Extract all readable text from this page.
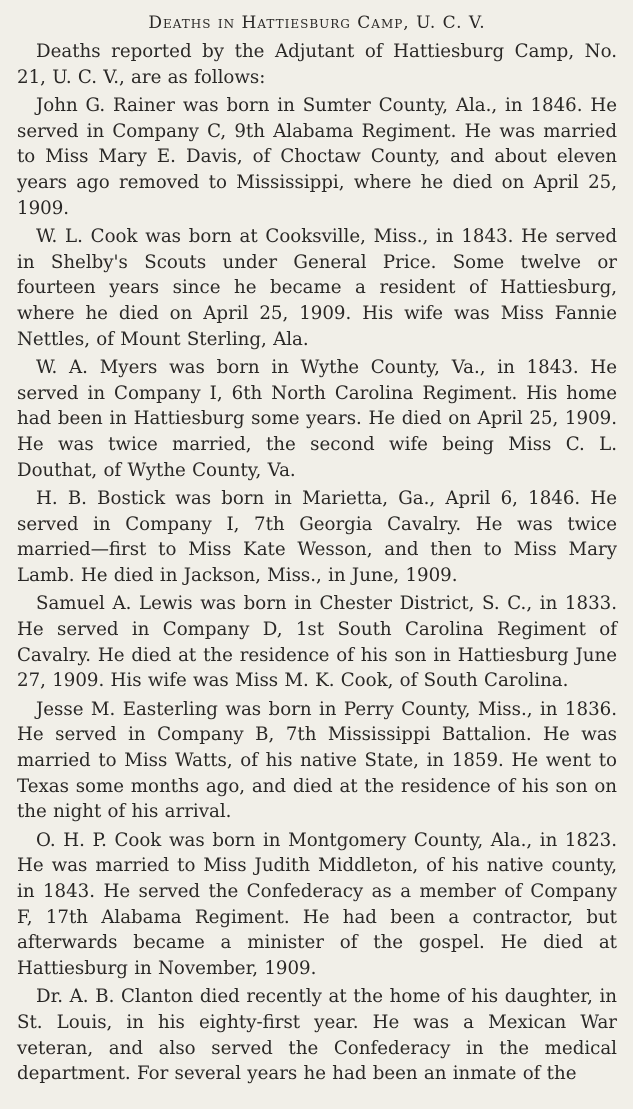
Deaths in Hattiesburg Camp, U. C. V.

Deaths reported by the Adjutant of Hattiesburg Camp, No. 21, U. C. V., are as follows:

John G. Rainer was born in Sumter County, Ala., in 1846. He served in Company C, 9th Alabama Regiment. He was married to Miss Mary E. Davis, of Choctaw County, and about eleven years ago removed to Mississippi, where he died on April 25, 1909.

W. L. Cook was born at Cooksville, Miss., in 1843. He served in Shelby's Scouts under General Price. Some twelve or fourteen years since he became a resident of Hattiesburg, where he died on April 25, 1909. His wife was Miss Fannie Nettles, of Mount Sterling, Ala.

W. A. Myers was born in Wythe County, Va., in 1843. He served in Company I, 6th North Carolina Regiment. His home had been in Hattiesburg some years. He died on April 25, 1909. He was twice married, the second wife being Miss C. L. Douthat, of Wythe County, Va.

H. B. Bostick was born in Marietta, Ga., April 6, 1846. He served in Company I, 7th Georgia Cavalry. He was twice married—first to Miss Kate Wesson, and then to Miss Mary Lamb. He died in Jackson, Miss., in June, 1909.

Samuel A. Lewis was born in Chester District, S. C., in 1833. He served in Company D, 1st South Carolina Regiment of Cavalry. He died at the residence of his son in Hattiesburg June 27, 1909. His wife was Miss M. K. Cook, of South Carolina.

Jesse M. Easterling was born in Perry County, Miss., in 1836. He served in Company B, 7th Mississippi Battalion. He was married to Miss Watts, of his native State, in 1859. He went to Texas some months ago, and died at the residence of his son on the night of his arrival.

O. H. P. Cook was born in Montgomery County, Ala., in 1823. He was married to Miss Judith Middleton, of his native county, in 1843. He served the Confederacy as a member of Company F, 17th Alabama Regiment. He had been a contractor, but afterwards became a minister of the gospel. He died at Hattiesburg in November, 1909.

Dr. A. B. Clanton died recently at the home of his daughter, in St. Louis, in his eighty-first year. He was a Mexican War veteran, and also served the Confederacy in the medical department. For several years he had been an inmate of the
